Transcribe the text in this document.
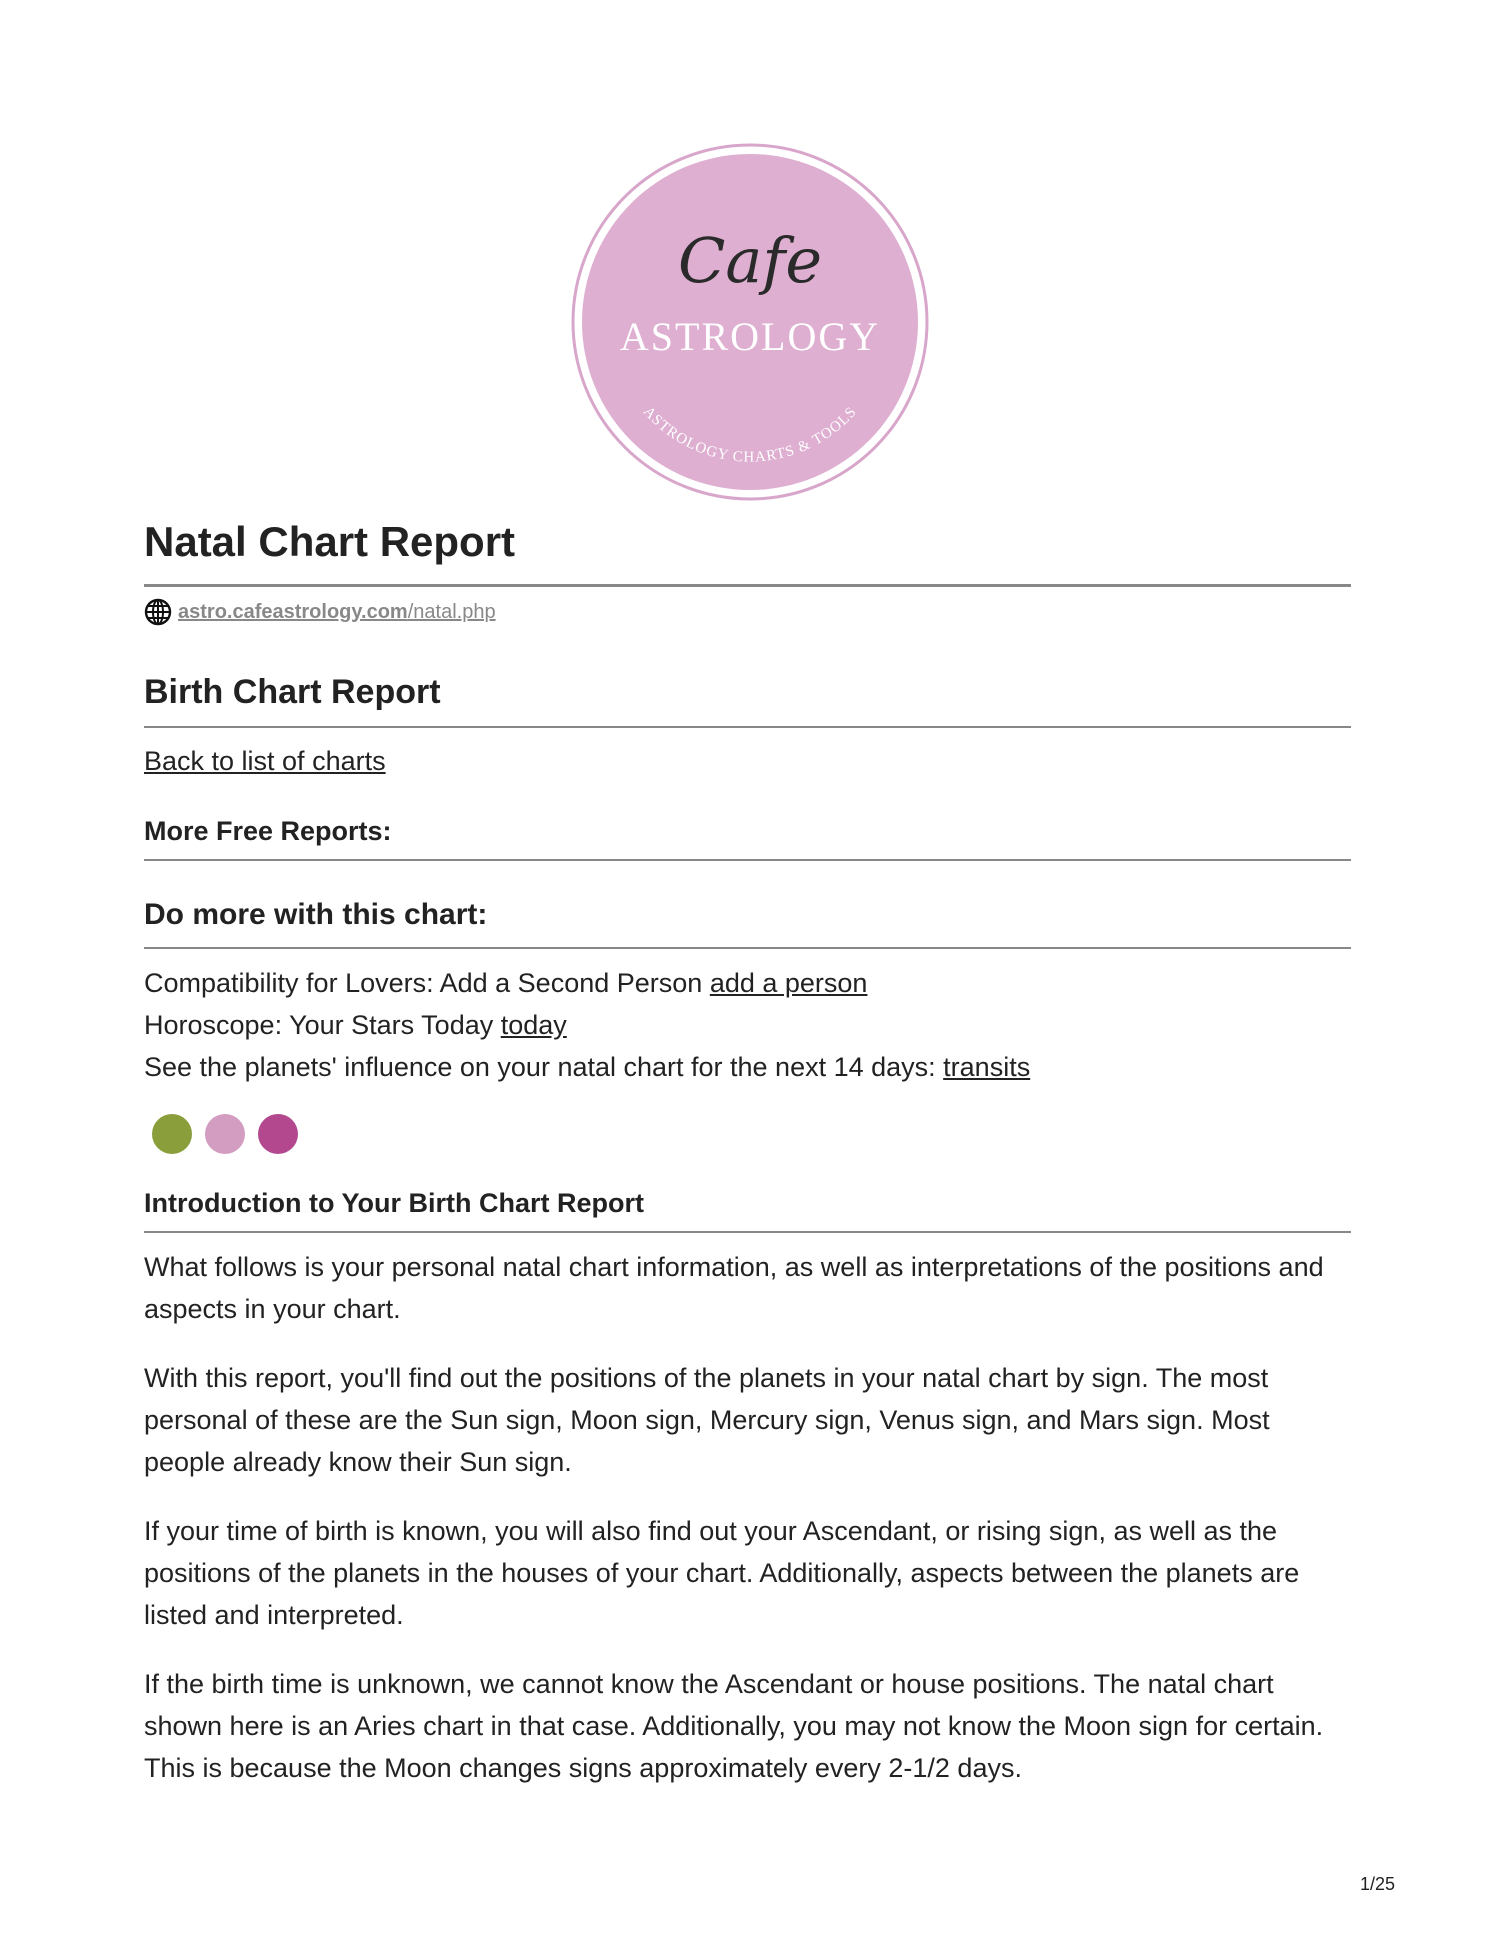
Cafe
ASTROLOGY
ASTROLOGY CHARTS & TOOLS
Natal Chart Report
astro.cafeastrology.com/natal.php
Birth Chart Report
Back to list of charts
More Free Reports:
Do more with this chart:
Compatibility for Lovers: Add a Second Person add a person
Horoscope: Your Stars Today today
See the planets' influence on your natal chart for the next 14 days: transits
Introduction to Your Birth Chart Report

What follows is your personal natal chart information, as well as interpretations of the positions and aspects in your chart.

With this report, you'll find out the positions of the planets in your natal chart by sign. The most personal of these are the Sun sign, Moon sign, Mercury sign, Venus sign, and Mars sign. Most people already know their Sun sign.

If your time of birth is known, you will also find out your Ascendant, or rising sign, as well as the positions of the planets in the houses of your chart. Additionally, aspects between the planets are listed and interpreted.

If the birth time is unknown, we cannot know the Ascendant or house positions. The natal chart shown here is an Aries chart in that case. Additionally, you may not know the Moon sign for certain. This is because the Moon changes signs approximately every 2-1/2 days.

1/25
